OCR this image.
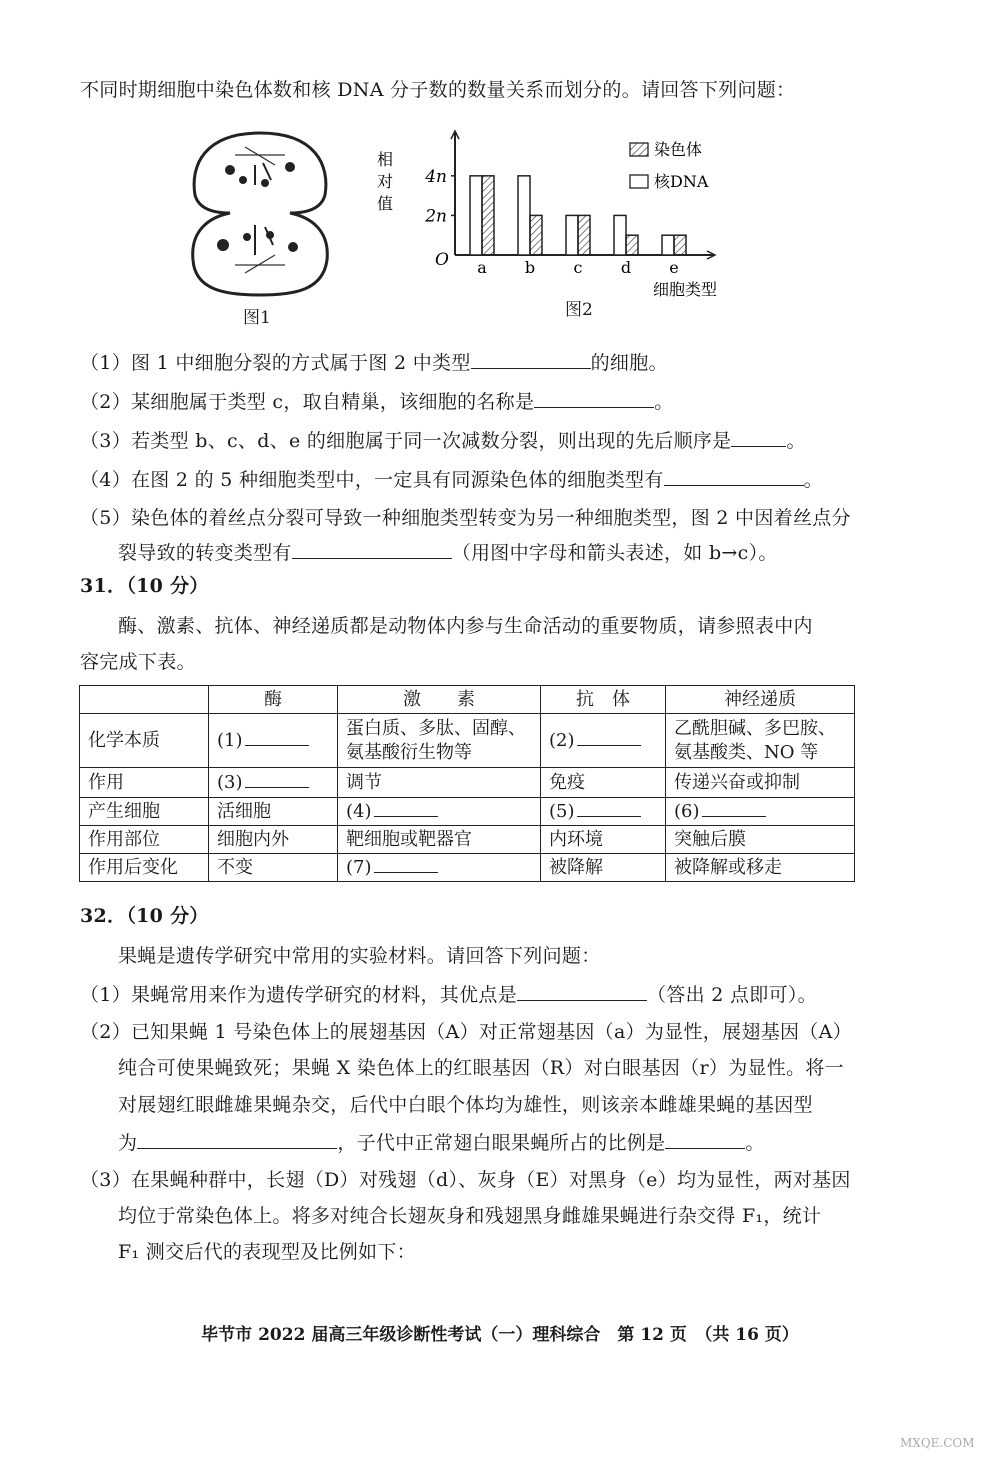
不同时期细胞中染色体数和核 DNA 分子数的数量关系而划分的。请回答下列问题：
图1
4n
2n
相
对
值
O a b c d e
细胞类型
染色体
核DNA
图2
（1）图 1 中细胞分裂的方式属于图 2 中类型	的细胞。
（2）某细胞属于类型 c，取自精巢，该细胞的名称是	。
（3）若类型 b、c、d、e 的细胞属于同一次减数分裂，则出现的先后顺序是	。
（4）在图 2 的 5 种细胞类型中，一定具有同源染色体的细胞类型有	。
（5）染色体的着丝点分裂可导致一种细胞类型转变为另一种细胞类型，图 2 中因着丝点分
裂导致的转变类型有	（用图中字母和箭头表述，如 b→c）。
31．（10 分）
酶、激素、抗体、神经递质都是动物体内参与生命活动的重要物质，请参照表中内
容完成下表。
	酶	激　　素	抗　体	神经递质
化学本质	(1)	蛋白质、多肽、固醇、氨基酸衍生物等	(2)	乙酰胆碱、多巴胺、氨基酸类、NO 等
作用	(3)	调节	免疫	传递兴奋或抑制
产生细胞	活细胞	(4)	(5)	(6)
作用部位	细胞内外	靶细胞或靶器官	内环境	突触后膜
作用后变化	不变	(7)	被降解	被降解或移走
32．（10 分）
果蝇是遗传学研究中常用的实验材料。请回答下列问题：
（1）果蝇常用来作为遗传学研究的材料，其优点是	（答出 2 点即可）。
（2）已知果蝇 1 号染色体上的展翅基因（A）对正常翅基因（a）为显性，展翅基因（A）
纯合可使果蝇致死；果蝇 X 染色体上的红眼基因（R）对白眼基因（r）为显性。将一
对展翅红眼雌雄果蝇杂交，后代中白眼个体均为雄性，则该亲本雌雄果蝇的基因型
为	，子代中正常翅白眼果蝇所占的比例是	。
（3）在果蝇种群中，长翅（D）对残翅（d）、灰身（E）对黑身（e）均为显性，两对基因
均位于常染色体上。将多对纯合长翅灰身和残翅黑身雌雄果蝇进行杂交得 F₁，统计
F₁ 测交后代的表现型及比例如下：
毕节市 2022 届高三年级诊断性考试（一）理科综合　第 12 页　（共 16 页）
MXQE.COM
